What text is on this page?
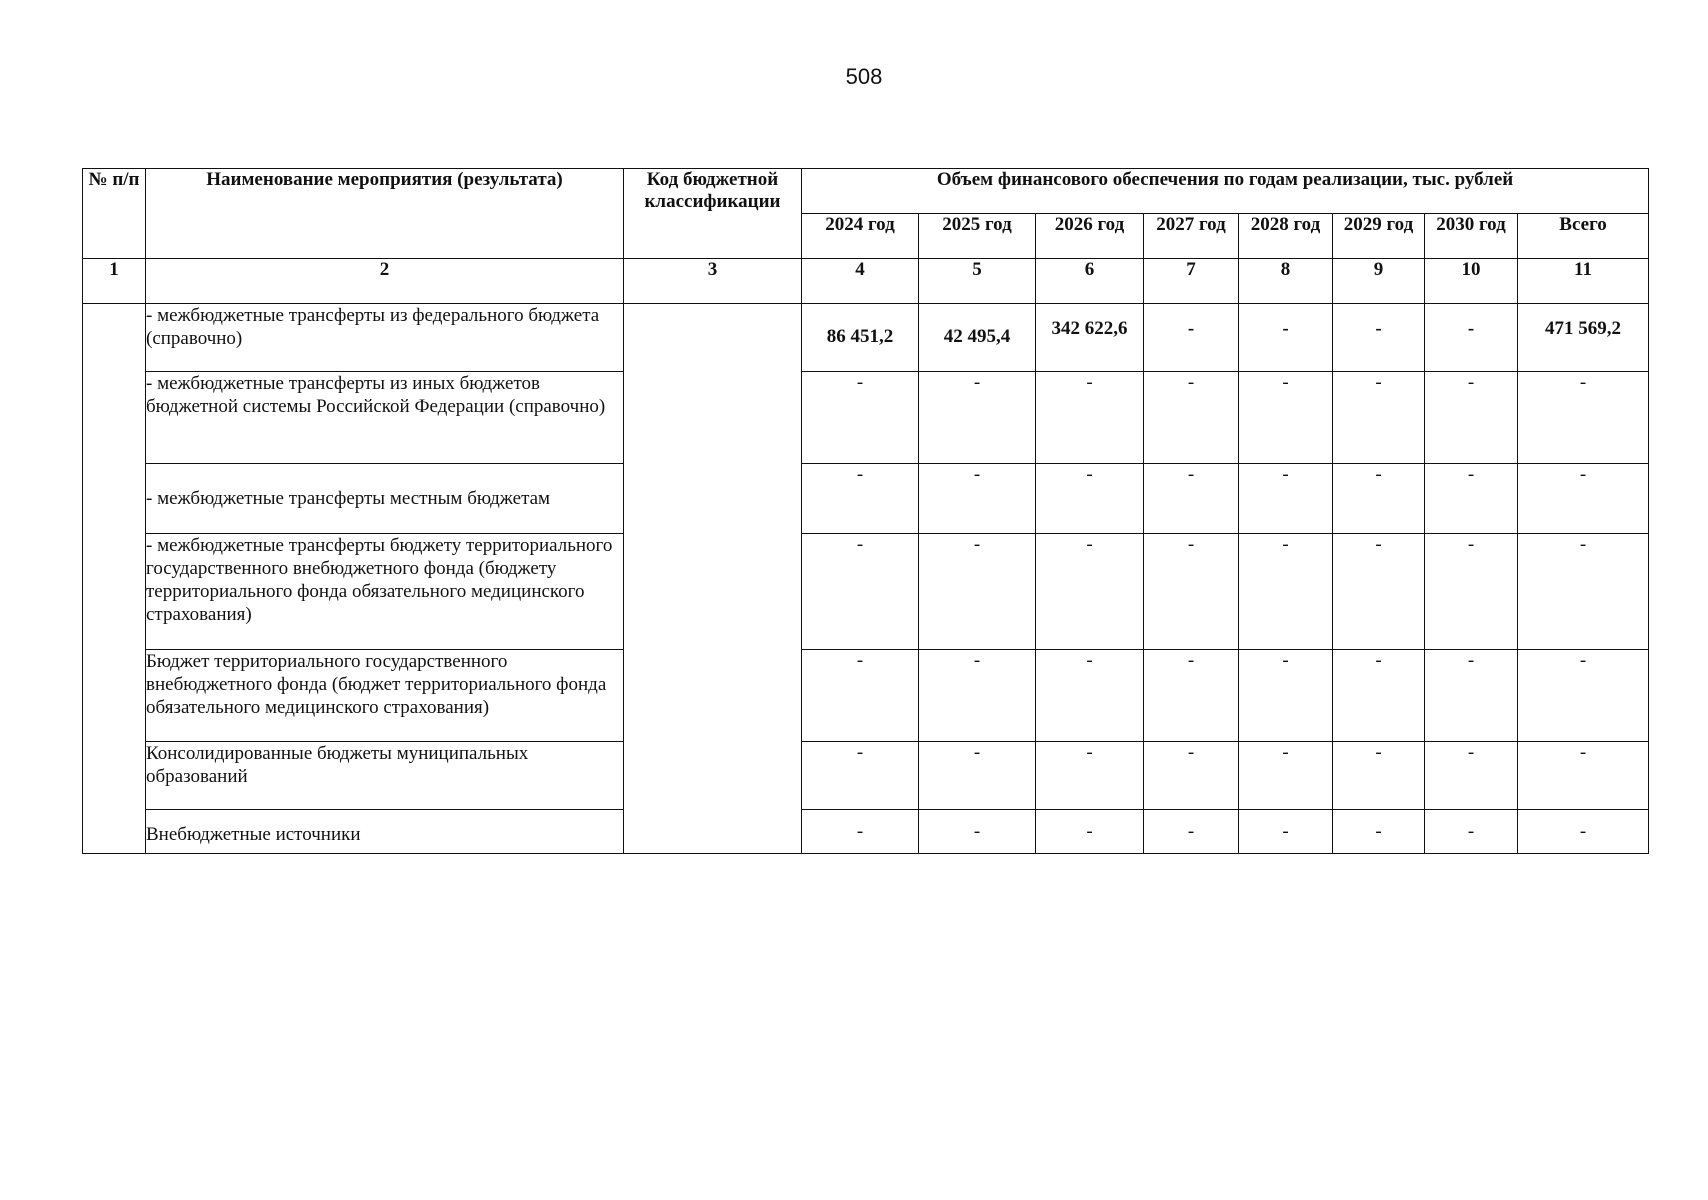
508
№ п/п	Наименование мероприятия (результата)	Код бюджетной классификации	Объем финансового обеспечения по годам реализации, тыс. рублей							
			2024 год	2025 год	2026 год	2027 год	2028 год	2029 год	2030 год	Всего
1	2	3	4	5	6	7	8	9	10	11
	- межбюджетные трансферты из федерального бюджета (справочно)		86 451,2	42 495,4	342 622,6	-	-	-	-	471 569,2
	- межбюджетные трансферты из иных бюджетов бюджетной системы Российской Федерации (справочно)		-	-	-	-	-	-	-	-
	- межбюджетные трансферты местным бюджетам		-	-	-	-	-	-	-	-
	- межбюджетные трансферты бюджету территориального государственного внебюджетного фонда (бюджету территориального фонда обязательного медицинского страхования)		-	-	-	-	-	-	-	-
	Бюджет территориального государственного внебюджетного фонда (бюджет территориального фонда обязательного медицинского страхования)		-	-	-	-	-	-	-	-
	Консолидированные бюджеты муниципальных образований		-	-	-	-	-	-	-	-
	Внебюджетные источники		-	-	-	-	-	-	-	-
